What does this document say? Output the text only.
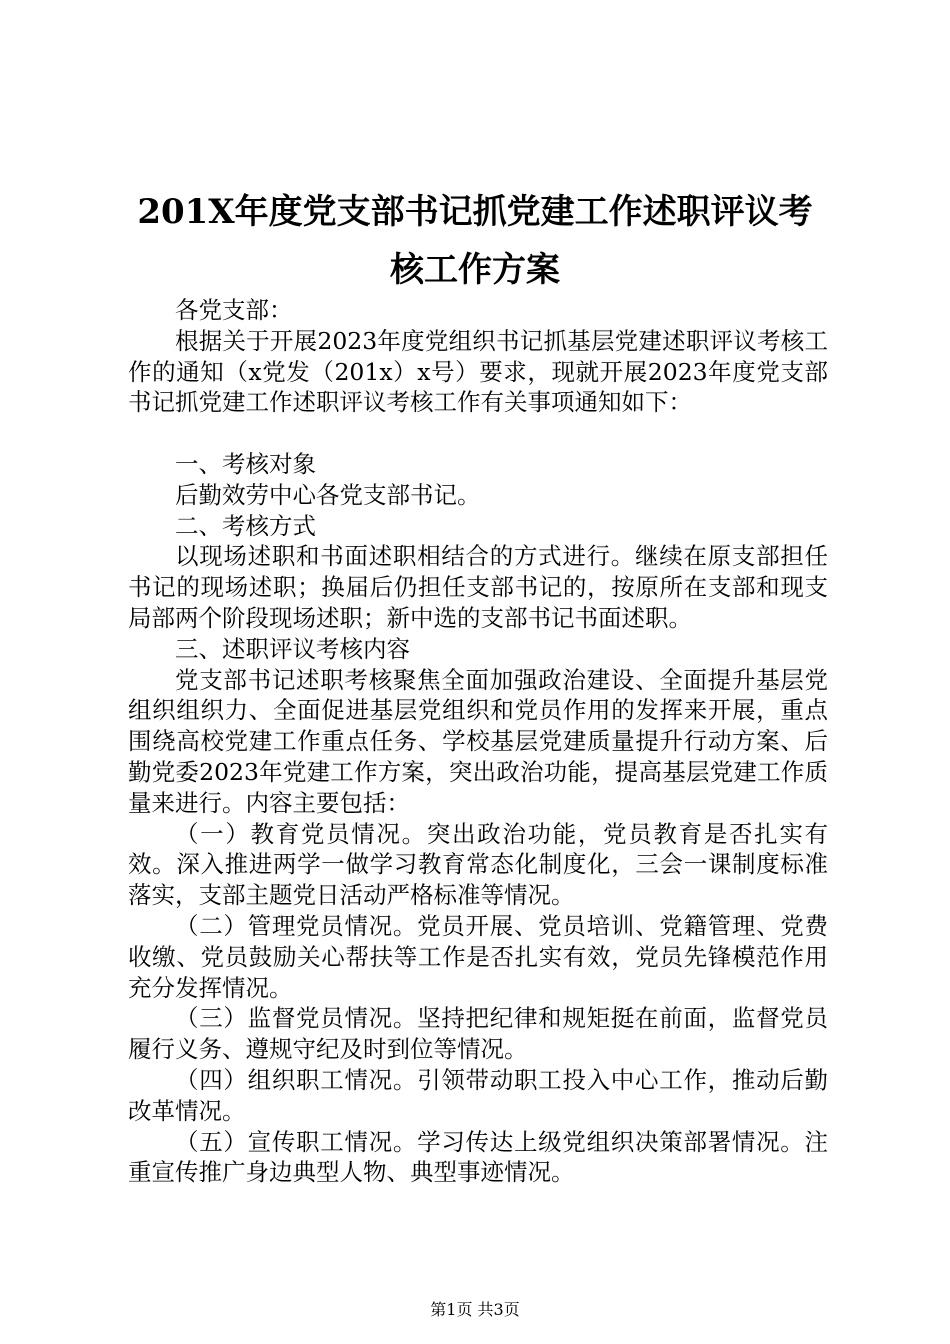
201X年度党支部书记抓党建工作述职评议考
核工作方案

各党支部：

根据关于开展2023年度党组织书记抓基层党建述职评议考核工作的通知（x党发（201x）x号）要求，现就开展2023年度党支部书记抓党建工作述职评议考核工作有关事项通知如下：

一、考核对象

后勤效劳中心各党支部书记。

二、考核方式

以现场述职和书面述职相结合的方式进行。继续在原支部担任书记的现场述职；换届后仍担任支部书记的，按原所在支部和现支局部两个阶段现场述职；新中选的支部书记书面述职。

三、述职评议考核内容

党支部书记述职考核聚焦全面加强政治建设、全面提升基层党组织组织力、全面促进基层党组织和党员作用的发挥来开展，重点围绕高校党建工作重点任务、学校基层党建质量提升行动方案、后勤党委2023年党建工作方案，突出政治功能，提高基层党建工作质量来进行。内容主要包括：

（一）教育党员情况。突出政治功能，党员教育是否扎实有效。深入推进两学一做学习教育常态化制度化，三会一课制度标准落实，支部主题党日活动严格标准等情况。

（二）管理党员情况。党员开展、党员培训、党籍管理、党费收缴、党员鼓励关心帮扶等工作是否扎实有效，党员先锋模范作用充分发挥情况。

（三）监督党员情况。坚持把纪律和规矩挺在前面，监督党员履行义务、遵规守纪及时到位等情况。

（四）组织职工情况。引领带动职工投入中心工作，推动后勤改革情况。

（五）宣传职工情况。学习传达上级党组织决策部署情况。注重宣传推广身边典型人物、典型事迹情况。

第1页 共3页
